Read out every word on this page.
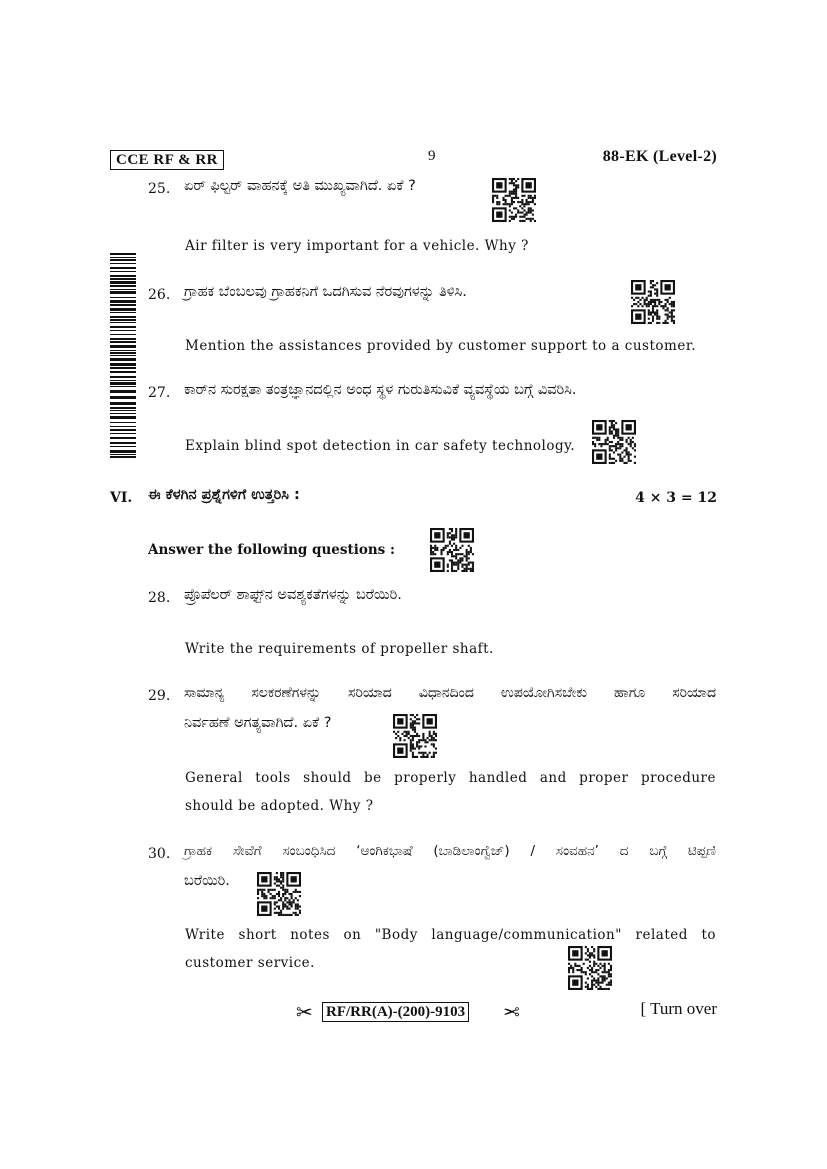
CCE RF & RR	9	88-EK (Level-2)
25. ಏರ್ ಫಿಲ್ಟರ್ ವಾಹನಕ್ಕೆ ಅತಿ ಮುಖ್ಯವಾಗಿದೆ. ಏಕೆ ?
Air filter is very important for a vehicle. Why ?
26. ಗ್ರಾಹಕ ಬೆಂಬಲವು ಗ್ರಾಹಕನಿಗೆ ಒದಗಿಸುವ ನೆರವುಗಳನ್ನು ತಿಳಿಸಿ.
Mention the assistances provided by customer support to a customer.
27. ಕಾರ್‌ನ ಸುರಕ್ಷತಾ ತಂತ್ರಜ್ಞಾನದಲ್ಲಿನ ಅಂಧ ಸ್ಥಳ ಗುರುತಿಸುವಿಕೆ ವ್ಯವಸ್ಥೆಯ ಬಗ್ಗೆ ವಿವರಿಸಿ.
Explain blind spot detection in car safety technology.
VI. ಈ ಕೆಳಗಿನ ಪ್ರಶ್ನೆಗಳಿಗೆ ಉತ್ತರಿಸಿ :	4 × 3 = 12
Answer the following questions :
28. ಪ್ರೊಪೆಲರ್ ಶಾಫ್ಟ್‌ನ ಅವಶ್ಯಕತೆಗಳನ್ನು ಬರೆಯಿರಿ.
Write the requirements of propeller shaft.
29. ಸಾಮಾನ್ಯ ಸಲಕರಣೆಗಳನ್ನು ಸರಿಯಾದ ವಿಧಾನದಿಂದ ಉಪಯೋಗಿಸಬೇಕು ಹಾಗೂ ಸರಿಯಾದ
ನಿರ್ವಹಣೆ ಅಗತ್ಯವಾಗಿದೆ. ಏಕೆ ?
General tools should be properly handled and proper procedure
should be adopted. Why ?
30. ಗ್ರಾಹಕ ಸೇವೆಗೆ ಸಂಬಂಧಿಸಿದ ‘ಆಂಗಿಕಭಾಷೆ (ಬಾಡಿಲಾಂಗ್ವೆಜ್) / ಸಂವಹನ’ ದ ಬಗ್ಗೆ ಟಿಪ್ಪಣಿ
ಬರೆಯಿರಿ.
Write short notes on "Body language/communication" related to
customer service.
✂ RF/RR(A)-(200)-9103 ✂	[ Turn over
